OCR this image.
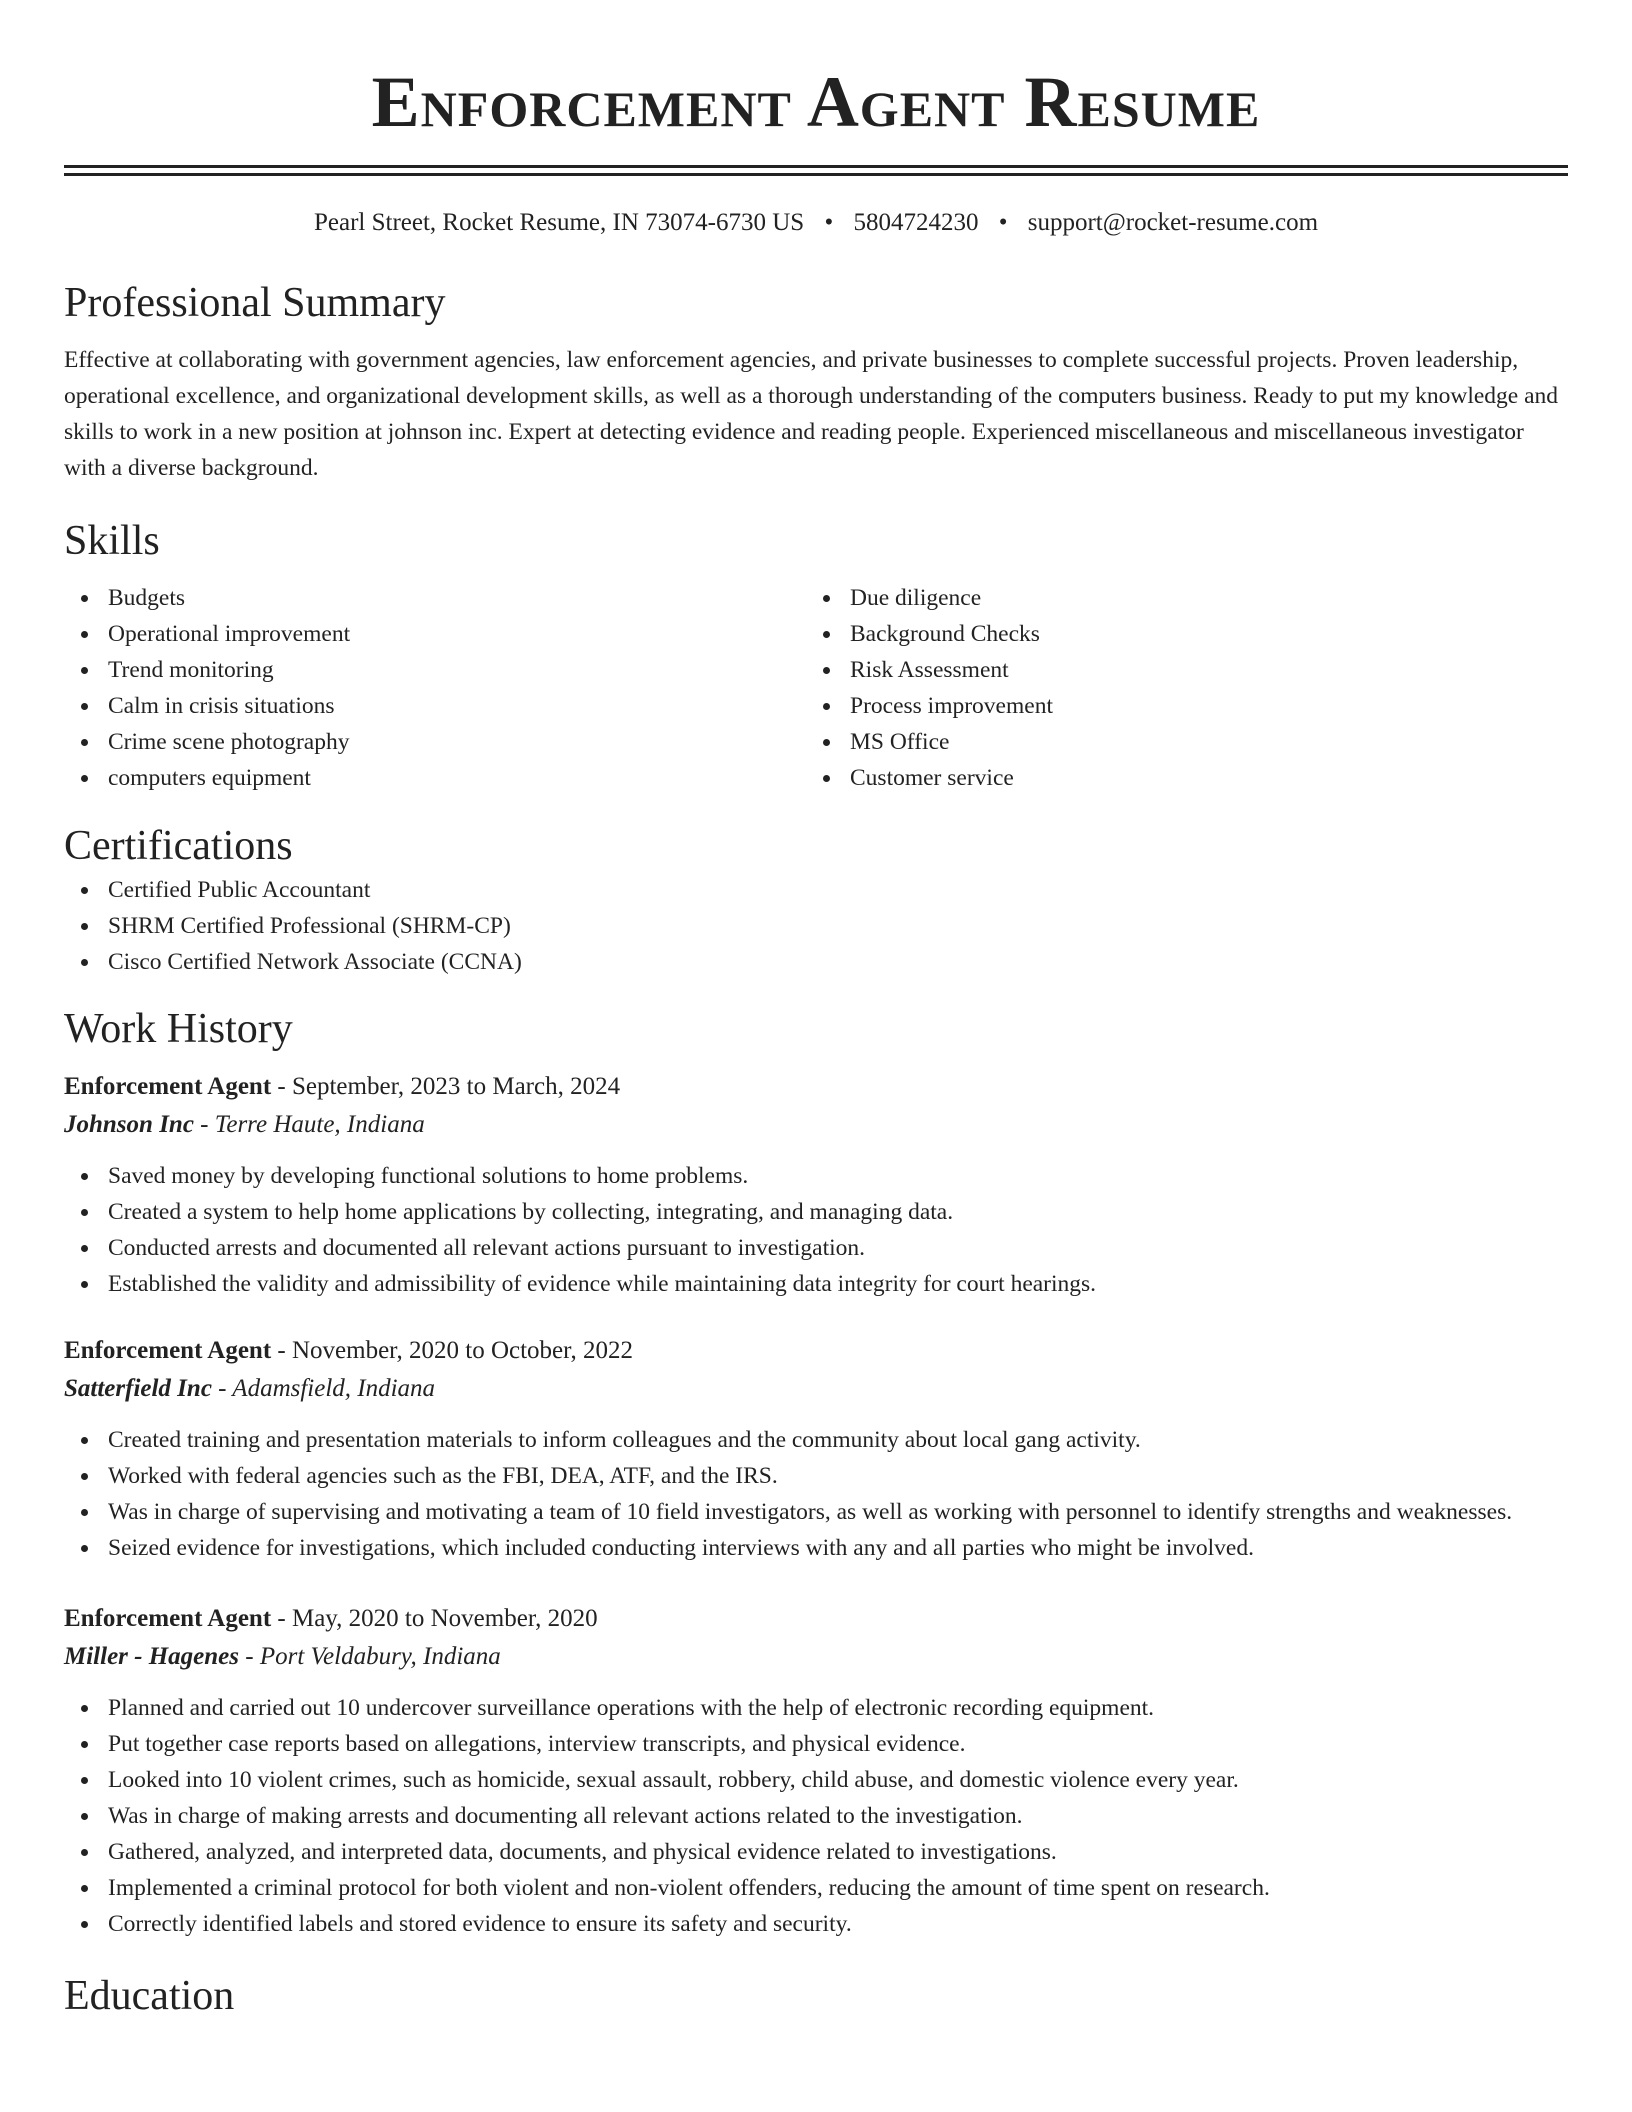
Enforcement Agent Resume
Pearl Street, Rocket Resume, IN 73074-6730 US • 5804724230 • support@rocket-resume.com
Professional Summary

Effective at collaborating with government agencies, law enforcement agencies, and private businesses to complete successful projects. Proven leadership, operational excellence, and organizational development skills, as well as a thorough understanding of the computers business. Ready to put my knowledge and skills to work in a new position at johnson inc. Expert at detecting evidence and reading people. Experienced miscellaneous and miscellaneous investigator with a diverse background.

Skills
Budgets
Operational improvement
Trend monitoring
Calm in crisis situations
Crime scene photography
computers equipment
Due diligence
Background Checks
Risk Assessment
Process improvement
MS Office
Customer service
Certifications
Certified Public Accountant
SHRM Certified Professional (SHRM-CP)
Cisco Certified Network Associate (CCNA)
Work History
Enforcement Agent - September, 2023 to March, 2024
Johnson Inc - Terre Haute, Indiana
Saved money by developing functional solutions to home problems.
Created a system to help home applications by collecting, integrating, and managing data.
Conducted arrests and documented all relevant actions pursuant to investigation.
Established the validity and admissibility of evidence while maintaining data integrity for court hearings.
Enforcement Agent - November, 2020 to October, 2022
Satterfield Inc - Adamsfield, Indiana
Created training and presentation materials to inform colleagues and the community about local gang activity.
Worked with federal agencies such as the FBI, DEA, ATF, and the IRS.
Was in charge of supervising and motivating a team of 10 field investigators, as well as working with personnel to identify strengths and weaknesses.
Seized evidence for investigations, which included conducting interviews with any and all parties who might be involved.
Enforcement Agent - May, 2020 to November, 2020
Miller - Hagenes - Port Veldabury, Indiana
Planned and carried out 10 undercover surveillance operations with the help of electronic recording equipment.
Put together case reports based on allegations, interview transcripts, and physical evidence.
Looked into 10 violent crimes, such as homicide, sexual assault, robbery, child abuse, and domestic violence every year.
Was in charge of making arrests and documenting all relevant actions related to the investigation.
Gathered, analyzed, and interpreted data, documents, and physical evidence related to investigations.
Implemented a criminal protocol for both violent and non-violent offenders, reducing the amount of time spent on research.
Correctly identified labels and stored evidence to ensure its safety and security.
Education
